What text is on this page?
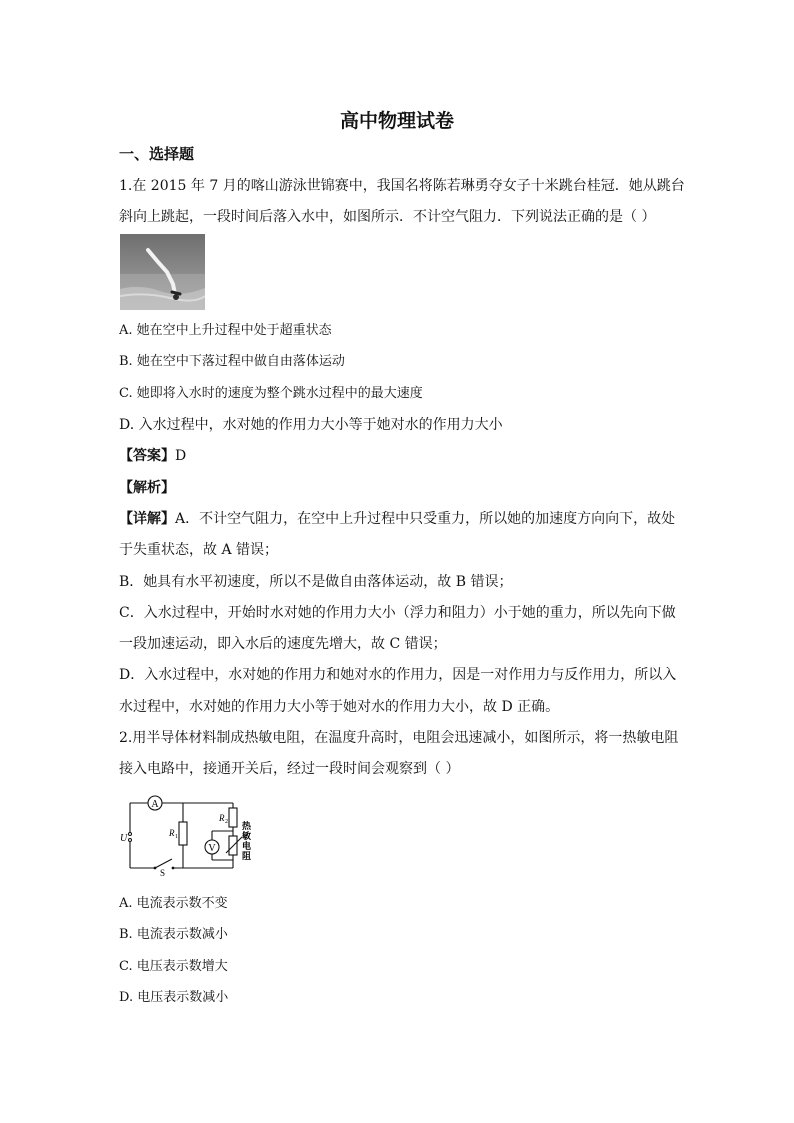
高中物理试卷
一、选择题
1.在 2015 年 7 月的喀山游泳世锦赛中，我国名将陈若琳勇夺女子十米跳台桂冠．她从跳台
斜向上跳起，一段时间后落入水中，如图所示．不计空气阻力．下列说法正确的是（ ）
A. 她在空中上升过程中处于超重状态
B. 她在空中下落过程中做自由落体运动
C. 她即将入水时的速度为整个跳水过程中的最大速度
D. 入水过程中，水对她的作用力大小等于她对水的作用力大小
【答案】D
【解析】
【详解】A．不计空气阻力，在空中上升过程中只受重力，所以她的加速度方向向下，故处
于失重状态，故 A 错误；
B．她具有水平初速度，所以不是做自由落体运动，故 B 错误；
C．入水过程中，开始时水对她的作用力大小（浮力和阻力）小于她的重力，所以先向下做
一段加速运动，即入水后的速度先增大，故 C 错误；
D．入水过程中，水对她的作用力和她对水的作用力，因是一对作用力与反作用力，所以入
水过程中，水对她的作用力大小等于她对水的作用力大小，故 D 正确。
2.用半导体材料制成热敏电阻，在温度升高时，电阻会迅速减小，如图所示，将一热敏电阻
接入电路中，接通开关后，经过一段时间会观察到（ ）
A
V
U
S
R 1
R 2 热
敏
电
阻
A. 电流表示数不变
B. 电流表示数减小
C. 电压表示数增大
D. 电压表示数减小
